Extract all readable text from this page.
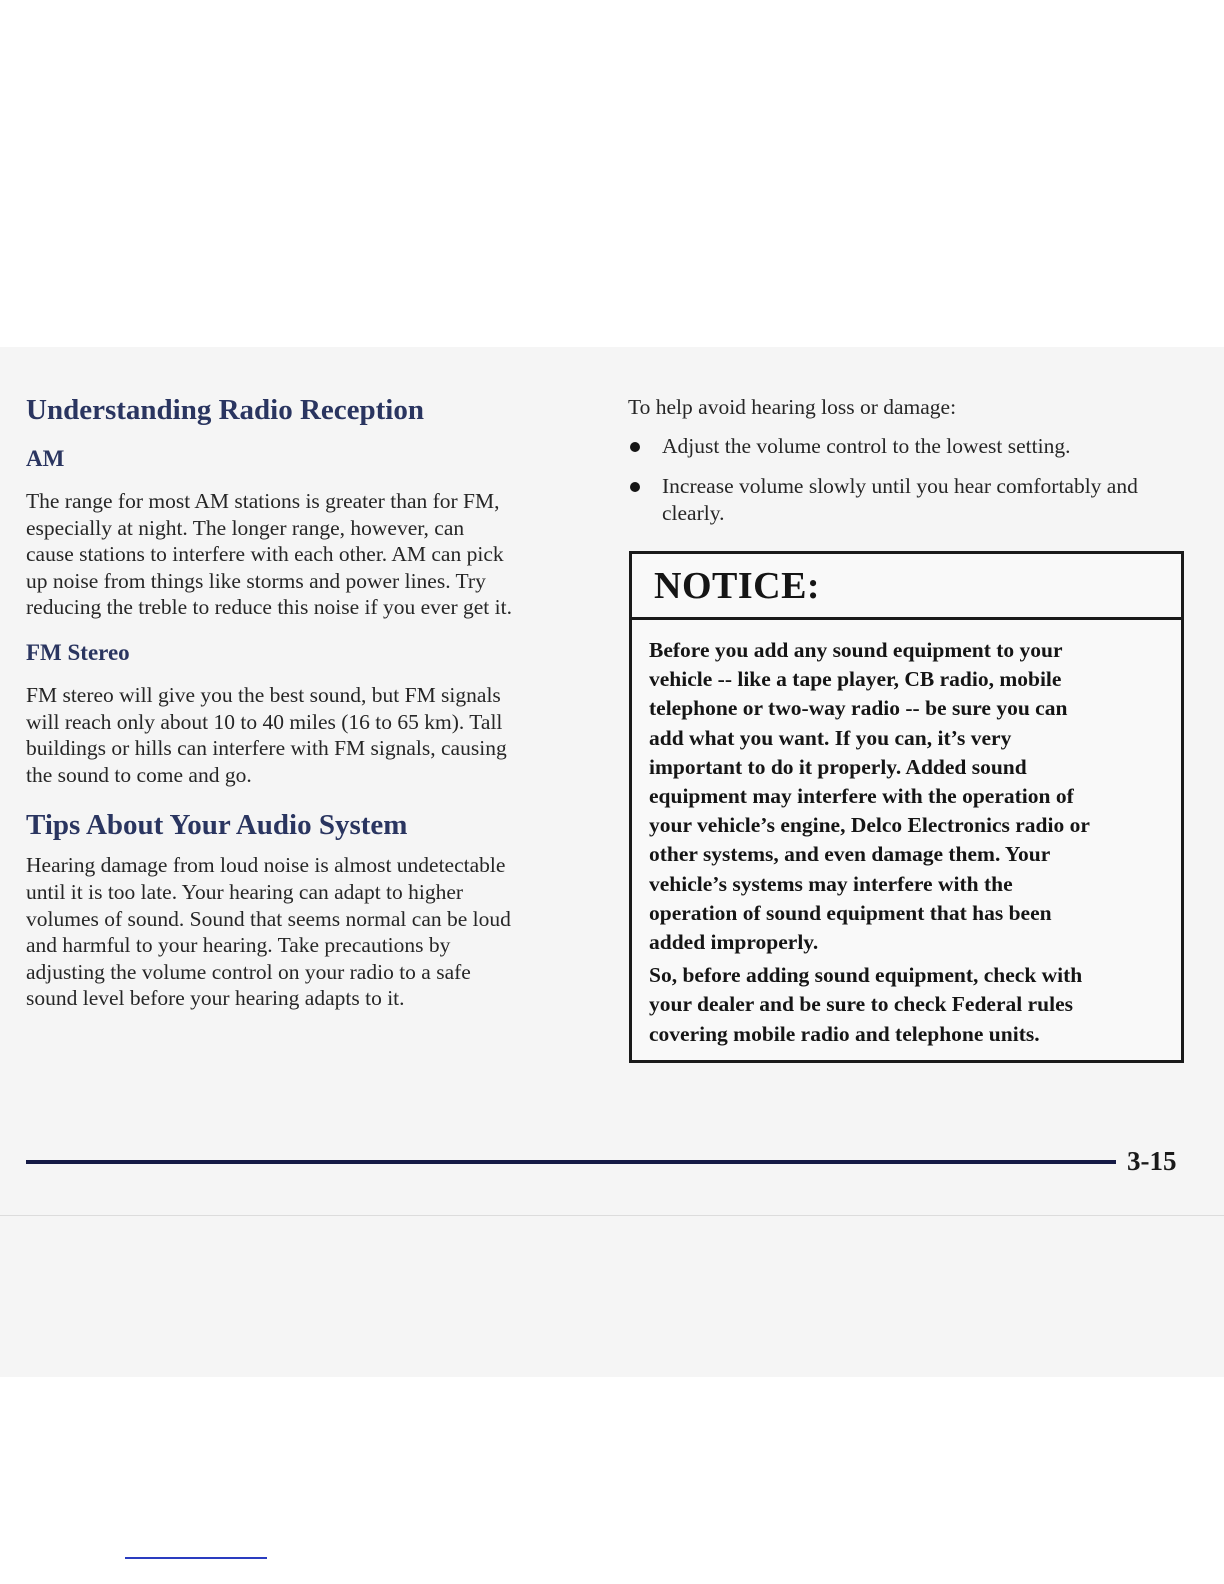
Understanding Radio Reception
AM
The range for most AM stations is greater than for FM,
especially at night. The longer range, however, can
cause stations to interfere with each other. AM can pick
up noise from things like storms and power lines. Try
reducing the treble to reduce this noise if you ever get it.
FM Stereo
FM stereo will give you the best sound, but FM signals
will reach only about 10 to 40 miles (16 to 65 km). Tall
buildings or hills can interfere with FM signals, causing
the sound to come and go.
Tips About Your Audio System
Hearing damage from loud noise is almost undetectable
until it is too late. Your hearing can adapt to higher
volumes of sound. Sound that seems normal can be loud
and harmful to your hearing. Take precautions by
adjusting the volume control on your radio to a safe
sound level before your hearing adapts to it.

To help avoid hearing loss or damage:

Adjust the volume control to the lowest setting.
Increase volume slowly until you hear comfortably and clearly.
NOTICE:
Before you add any sound equipment to your
vehicle -- like a tape player, CB radio, mobile
telephone or two-way radio -- be sure you can
add what you want. If you can, it’s very
important to do it properly. Added sound
equipment may interfere with the operation of
your vehicle’s engine, Delco Electronics radio or
other systems, and even damage them. Your
vehicle’s systems may interfere with the
operation of sound equipment that has been
added improperly.
So, before adding sound equipment, check with
your dealer and be sure to check Federal rules
covering mobile radio and telephone units.
3-15
